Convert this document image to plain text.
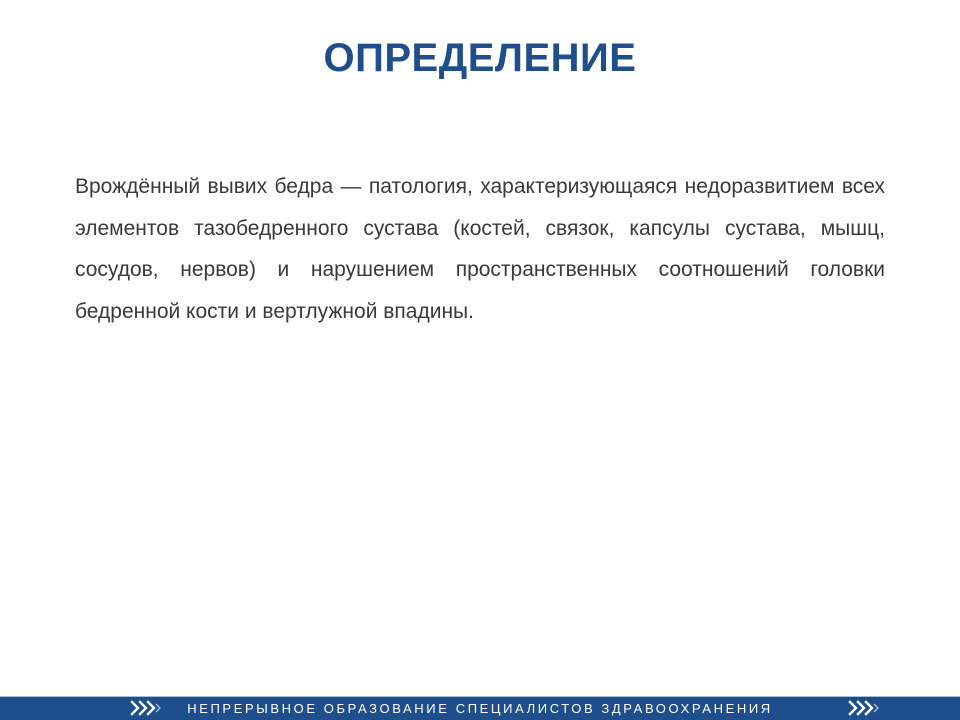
ОПРЕДЕЛЕНИЕ

Врождённый вывих бедра — патология, характеризующаяся недоразвитием всех элементов тазобедренного сустава (костей, связок, капсулы сустава, мышц, сосудов, нервов) и нарушением пространственных соотношений головки бедренной кости и вертлужной впадины.

НЕПРЕРЫВНОЕ ОБРАЗОВАНИЕ СПЕЦИАЛИСТОВ ЗДРАВООХРАНЕНИЯ
